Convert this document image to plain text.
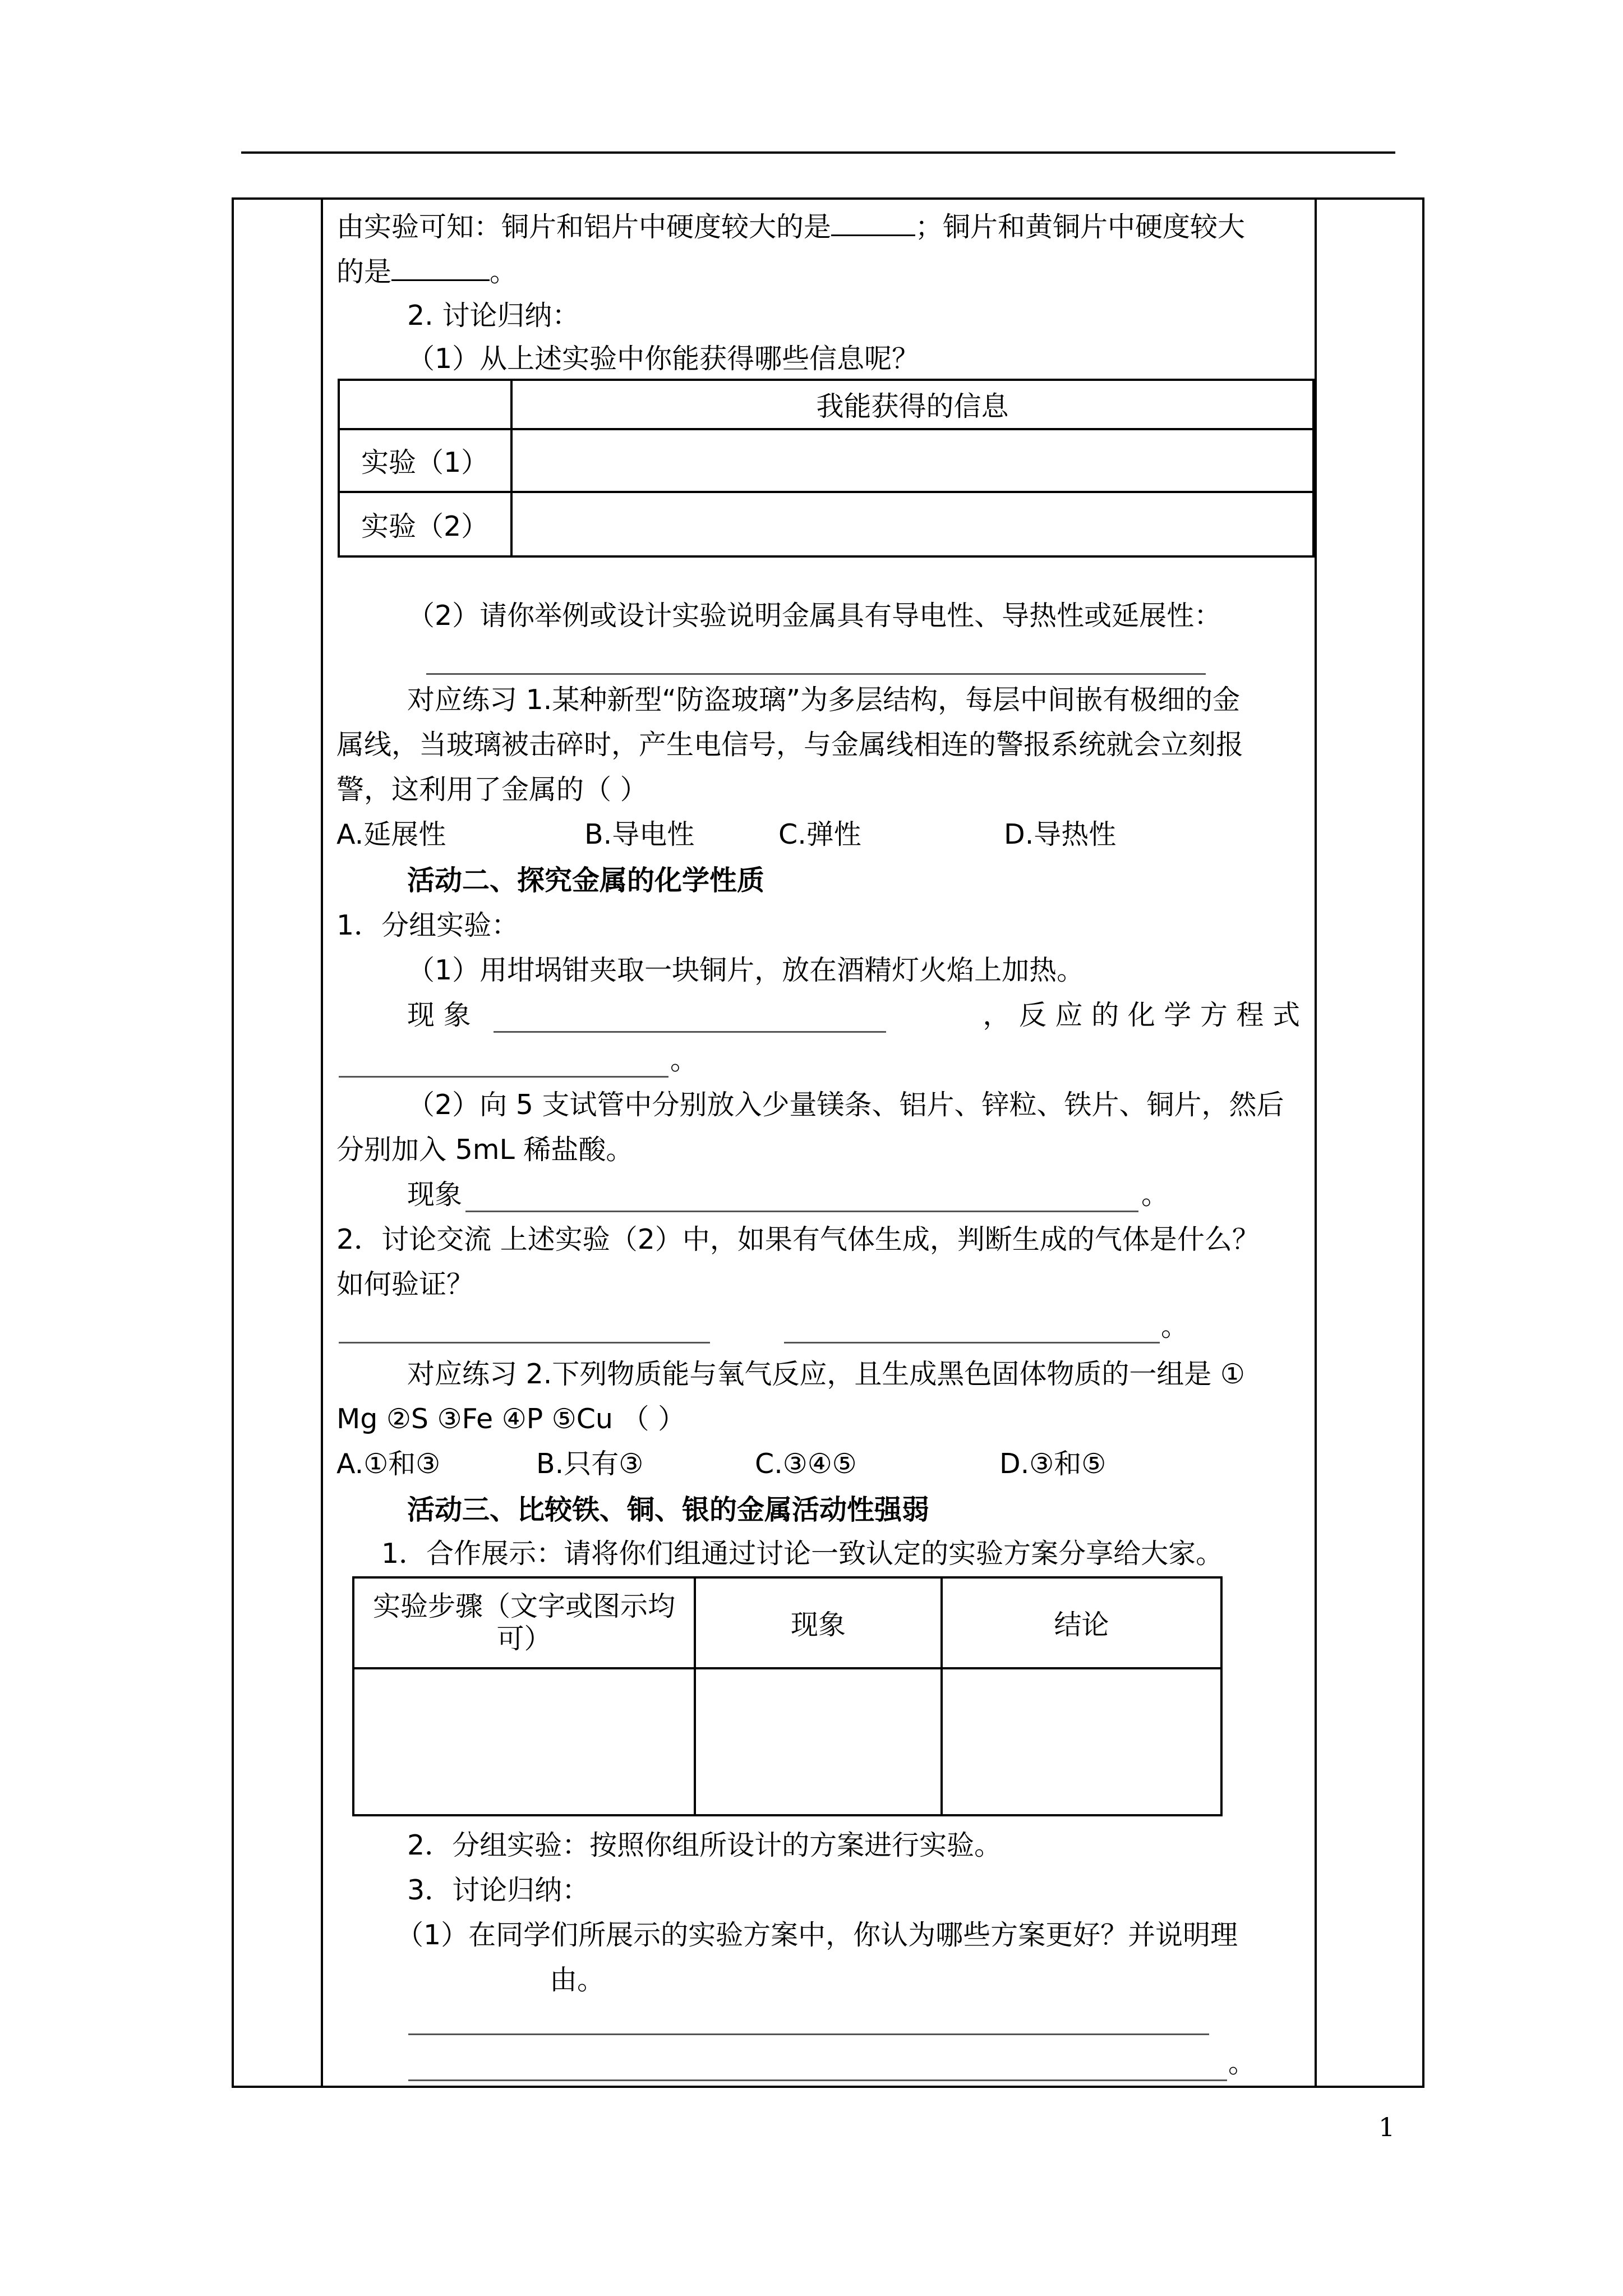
由实验可知：铜片和铝片中硬度较大的是	；铜片和黄铜片中硬度较大
的是	。
2. 讨论归纳：
（1）从上述实验中你能获得哪些信息呢？
	我能获得的信息
实验（1）	
实验（2）	
（2）请你举例或设计实验说明金属具有导电性、导热性或延展性：
对应练习 1.某种新型“防盗玻璃”为多层结构，每层中间嵌有极细的金
属线，当玻璃被击碎时，产生电信号，与金属线相连的警报系统就会立刻报
警，这利用了金属的（ ）
A.延展性	B.导电性	C.弹性	D.导热性
活动二、探究金属的化学性质
1．分组实验：
（1）用坩埚钳夹取一块铜片，放在酒精灯火焰上加热。
现 象	， 反 应 的 化 学 方 程 式
。
（2）向 5 支试管中分别放入少量镁条、铝片、锌粒、铁片、铜片，然后
分别加入 5mL 稀盐酸。
现象	。
2．讨论交流 上述实验（2）中，如果有气体生成，判断生成的气体是什么？
如何验证？
。
对应练习 2.下列物质能与氧气反应，且生成黑色固体物质的一组是 ①
Mg ②S ③Fe ④P ⑤Cu （ ）
A.①和③	B.只有③	C.③④⑤	D.③和⑤
活动三、比较铁、铜、银的金属活动性强弱
1．合作展示：请将你们组通过讨论一致认定的实验方案分享给大家。
实验步骤（文字或图示均
可）	现象	结论

2．分组实验：按照你组所设计的方案进行实验。
3．讨论归纳：
（1）在同学们所展示的实验方案中，你认为哪些方案更好？并说明理
由。
。
1
